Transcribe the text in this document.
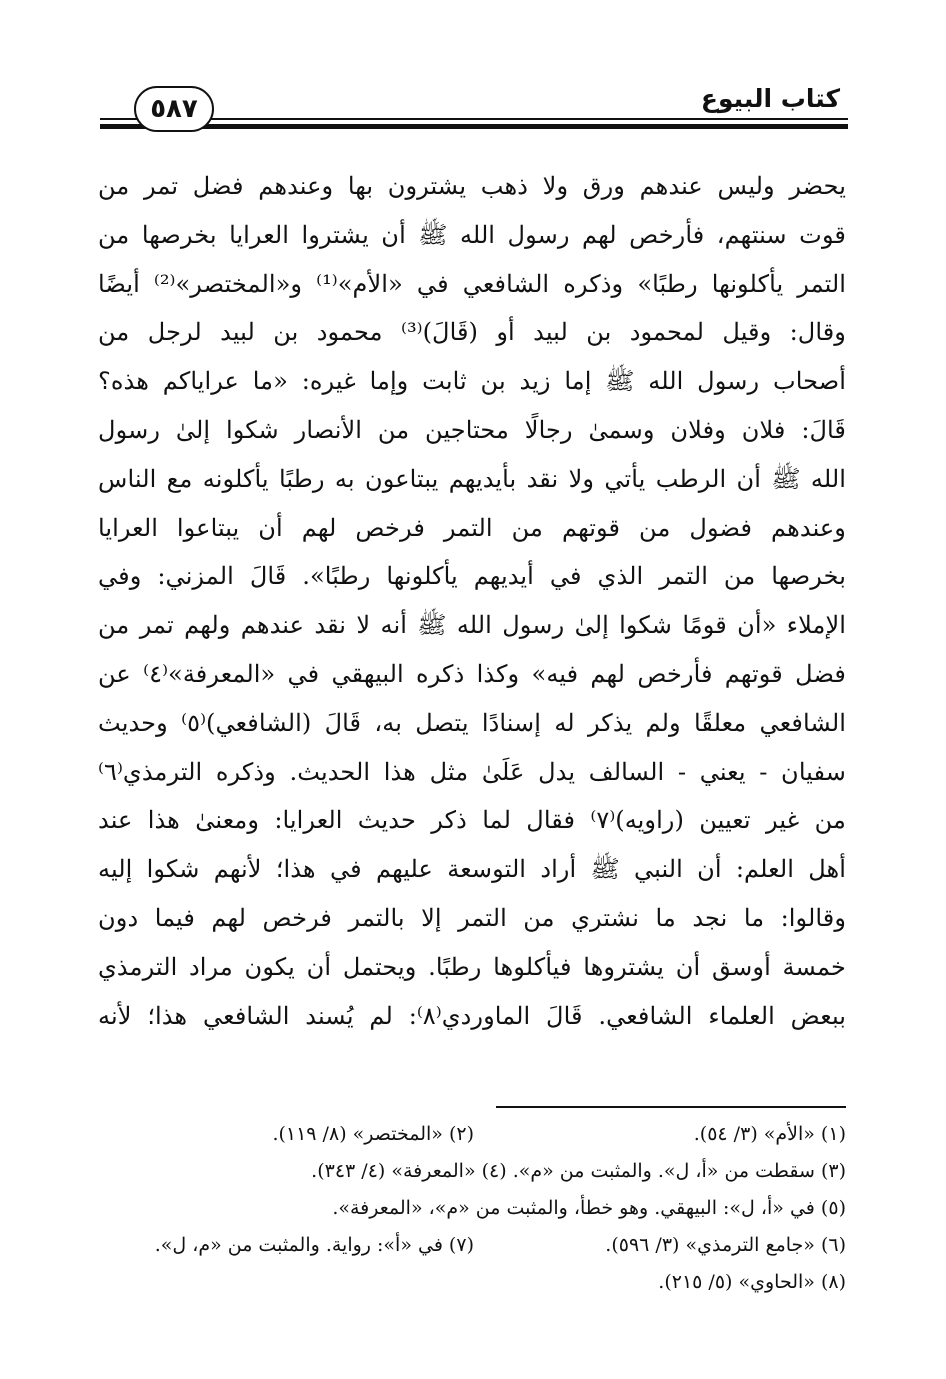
٥٨٧	كتاب البيوع
يحضر وليس عندهم ورق ولا ذهب يشترون بها وعندهم فضل تمر من
قوت سنتهم، فأرخص لهم رسول الله ﷺ أن يشتروا العرايا بخرصها من
التمر يأكلونها رطبًا» وذكره الشافعي في «الأم»⁽¹⁾ و«المختصر»⁽²⁾ أيضًا
وقال: وقيل لمحمود بن لبيد أو (قَالَ)⁽³⁾ محمود بن لبيد لرجل من
أصحاب رسول الله ﷺ إما زيد بن ثابت وإما غيره: «ما عراياكم هذه؟
قَالَ: فلان وفلان وسمىٰ رجالًا محتاجين من الأنصار شكوا إلىٰ رسول
الله ﷺ أن الرطب يأتي ولا نقد بأيديهم يبتاعون به رطبًا يأكلونه مع الناس
وعندهم فضول من قوتهم من التمر فرخص لهم أن يبتاعوا العرايا
بخرصها من التمر الذي في أيديهم يأكلونها رطبًا». قَالَ المزني: وفي
الإملاء «أن قومًا شكوا إلىٰ رسول الله ﷺ أنه لا نقد عندهم ولهم تمر من
فضل قوتهم فأرخص لهم فيه» وكذا ذكره البيهقي في «المعرفة»⁽٤⁾ عن
الشافعي معلقًا ولم يذكر له إسنادًا يتصل به، قَالَ (الشافعي)⁽٥⁾ وحديث
سفيان - يعني - السالف يدل عَلَىٰ مثل هذا الحديث. وذكره الترمذي⁽٦⁾
من غير تعيين (راويه)⁽٧⁾ فقال لما ذكر حديث العرايا: ومعنىٰ هذا عند
أهل العلم: أن النبي ﷺ أراد التوسعة عليهم في هذا؛ لأنهم شكوا إليه
وقالوا: ما نجد ما نشتري من التمر إلا بالتمر فرخص لهم فيما دون
خمسة أوسق أن يشتروها فيأكلوها رطبًا. ويحتمل أن يكون مراد الترمذي
ببعض العلماء الشافعي. قَالَ الماوردي⁽٨⁾: لم يُسند الشافعي هذا؛ لأنه
(١) «الأم» (٣/ ٥٤).
(٢) «المختصر» (٨/ ١١٩).
(٣) سقطت من «أ، ل». والمثبت من «م». (٤) «المعرفة» (٤/ ٣٤٣).
(٥) في «أ، ل»: البيهقي. وهو خطأ، والمثبت من «م»، «المعرفة».
(٦) «جامع الترمذي» (٣/ ٥٩٦).
(٧) في «أ»: رواية. والمثبت من «م، ل».
(٨) «الحاوي» (٥/ ٢١٥).
